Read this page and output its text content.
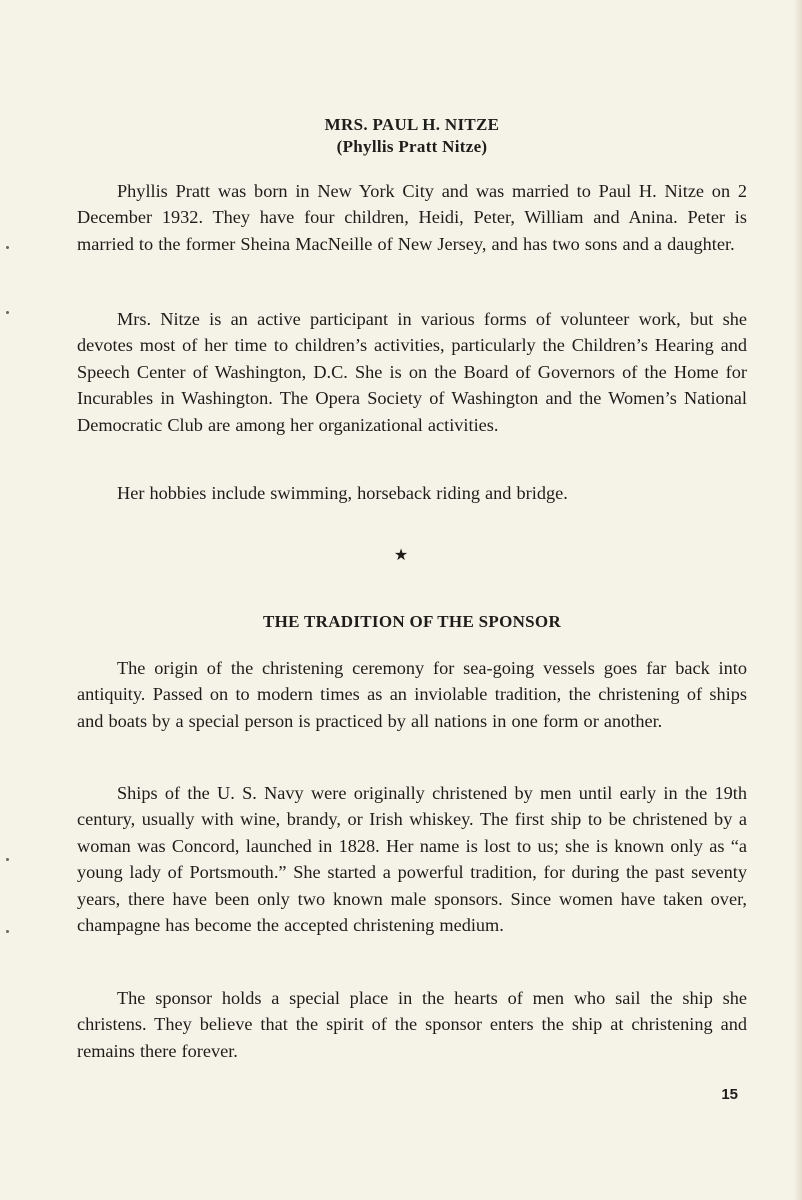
MRS. PAUL H. NITZE
(Phyllis Pratt Nitze)

Phyllis Pratt was born in New York City and was married to Paul H. Nitze on 2 December 1932. They have four children, Heidi, Peter, William and Anina. Peter is married to the former Sheina MacNeille of New Jersey, and has two sons and a daughter.

Mrs. Nitze is an active participant in various forms of volunteer work, but she devotes most of her time to children’s activities, particularly the Children’s Hearing and Speech Center of Washington, D.C. She is on the Board of Governors of the Home for Incurables in Washington. The Opera Society of Washington and the Women’s National Democratic Club are among her organizational activities.

Her hobbies include swimming, horseback riding and bridge.

★
THE TRADITION OF THE SPONSOR

The origin of the christening ceremony for sea-going vessels goes far back into antiquity. Passed on to modern times as an inviolable tradition, the christening of ships and boats by a special person is practiced by all nations in one form or another.

Ships of the U. S. Navy were originally christened by men until early in the 19th century, usually with wine, brandy, or Irish whiskey. The first ship to be christened by a woman was Concord, launched in 1828. Her name is lost to us; she is known only as “a young lady of Portsmouth.” She started a powerful tradition, for during the past seventy years, there have been only two known male sponsors. Since women have taken over, champagne has become the accepted christening medium.

The sponsor holds a special place in the hearts of men who sail the ship she christens. They believe that the spirit of the sponsor enters the ship at christening and remains there forever.

15
